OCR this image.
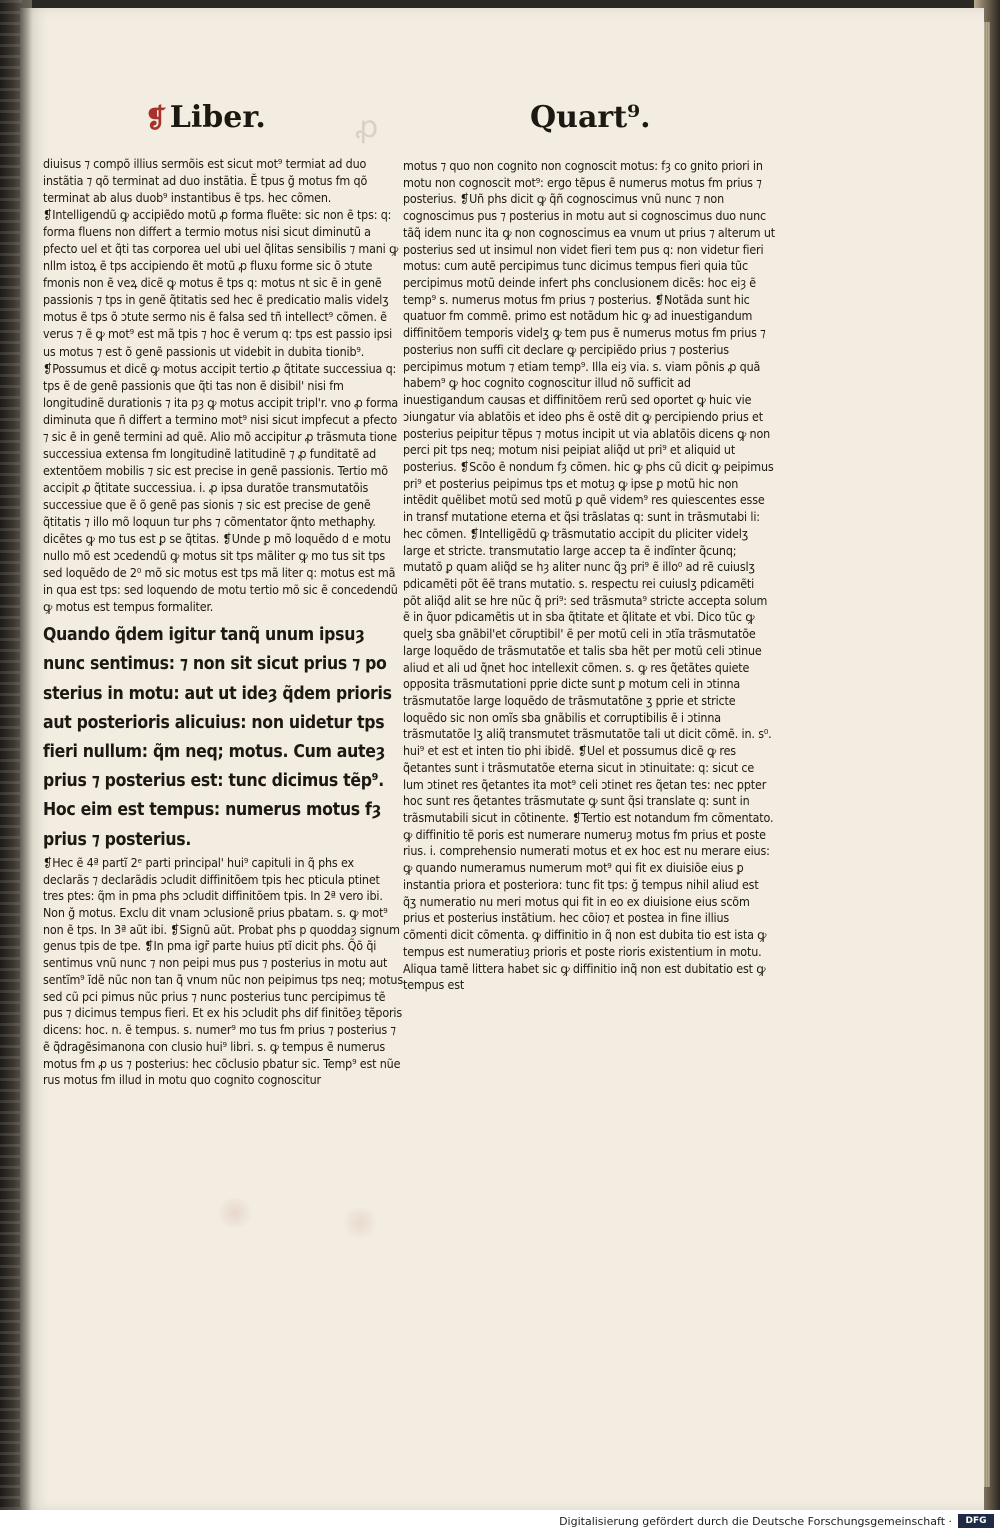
❡ Liber.	ꝓ	Quart⁹.

diuisus ⁊ compõ illius sermõis est sicut mot⁹ termiat ad duo instãtia ⁊ qõ terminat ad duo instãtia. Ĕ tpus ğ motus fm qõ terminat ab alus duob⁹ instantibus ẽ tps. hec cõmen. ❡Intelligendũ ꝙ accipiẽdo motũ ꝓ forma fluẽte: sic non ẽ tps: q: forma fluens non differt a termio motus nisi sicut diminutũ a pfecto uel et q̃ti tas corporea uel ubi uel q̃litas sensibilis ⁊ mani ꝙ nllm istoꝝ ẽ tps accipiendo ẽt motũ ꝓ fluxu forme sic õ ↄtute fmonis non ẽ veꝝ dicẽ ꝙ motus ẽ tps q: motus nt sic ẽ in genẽ passionis ⁊ tps in genẽ q̃titatis sed hec ẽ predicatio malis videlʒ motus ẽ tps õ ↄtute sermo nis ẽ falsa sed tñ intellect⁹ cõmen. ẽ verus ⁊ ẽ ꝙ mot⁹ est mã tpis ⁊ hoc ẽ verum q: tps est passio ipsi us motus ⁊ est õ genẽ passionis ut videbit in dubita tionib⁹. ❡Possumus et dicẽ ꝙ motus accipit tertio ꝓ q̃titate successiua q: tps ẽ de genẽ passionis que q̃ti tas non ẽ disibil' nisi fm longitudinẽ durationis ⁊ ita pȝ ꝙ motus accipit tripl'r. vno ꝓ forma diminuta que ñ differt a termino mot⁹ nisi sicut impfecut a pfecto ⁊ sic ẽ in genẽ termini ad quẽ. Alio mõ accipitur ꝓ trãsmuta tione successiua extensa fm longitudinẽ latitudinẽ ⁊ ꝓ funditatẽ ad extentõem mobilis ⁊ sic est precise in genẽ passionis. Tertio mõ accipit ꝓ q̃titate successiua. i. ꝓ ipsa duratõe transmutatõis successiue que ẽ õ genẽ pas sionis ⁊ sic est precise de genẽ q̃titatis ⁊ illo mõ loquun tur phs ⁊ cõmentator q̃nto methaphy. dicẽtes ꝙ mo tus est ꝑ se q̃titas. ❡Unde ꝑ mõ loquẽdo d e motu nullo mõ est ↄcedendũ ꝙ motus sit tps mãliter ꝙ mo tus sit tps sed loquẽdo de 2⁰ mõ sic motus est tps mã liter q: motus est mã in qua est tps: sed loquendo de motu tertio mõ sic ẽ concedendũ ꝙ motus est tempus formaliter.

Quando q̃dem igitur tanq̃ unum ipsuȝ nunc sentimus: ⁊ non sit sicut prius ⁊ po sterius in motu: aut ut ideȝ q̃dem prioris aut posterioris alicuius: non uidetur tps fieri nullum: q̃m neq; motus. Cum auteȝ prius ⁊ posterius est: tunc dicimus tẽp⁹. Hoc eim est tempus: numerus motus fȝ prius ⁊ posterius.

❡Hec ẽ 4ª partĩ 2ᵉ parti principal' hui⁹ capituli in q̃ phs ex declarãs ⁊ declarãdis ↄcludit diffinitõem tpis hec pticula ptinet tres ptes: q̃m in pma phs ↄcludit diffinitõem tpis. In 2ª vero ibi. Non ğ motus. Exclu dit vnam ↄclusionẽ prius pbatam. s. ꝙ mot⁹ non ẽ tps. In 3ª aũt ibi. ❡Signũ aũt. Probat phs p quoddaȝ signum genus tpis de tpe. ❡In pma igr̃ parte huius ptĩ dicit phs. Q̃õ q̃i sentimus vnũ nunc ⁊ non peipi mus pus ⁊ posterius in motu aut sentĩm⁹ ĩdẽ nũc non tan q̃ vnum nũc non peipimus tps neq; motus sed cũ pci pimus nũc prius ⁊ nunc posterius tunc percipimus tẽ pus ⁊ dicimus tempus fieri. Et ex his ↄcludit phs dif finitõeȝ tẽporis dicens: hoc. n. ẽ tempus. s. numer⁹ mo tus fm prius ⁊ posterius ⁊ ẽ q̃dragẽsimanona con clusio hui⁹ libri. s. ꝙ tempus ẽ numerus motus fm ꝓ us ⁊ posterius: hec cõclusio pbatur sic. Temp⁹ est nũe rus motus fm illud in motu quo cognito cognoscitur

motus ⁊ quo non cognito non cognoscit motus: fȝ co gnito priori in motu non cognoscit mot⁹: ergo tẽpus ẽ numerus motus fm prius ⁊ posterius. ❡Uñ phs dicit ꝙ q̃ñ cognoscimus vnũ nunc ⁊ non cognoscimus pus ⁊ posterius in motu aut si cognoscimus duo nunc tãq̃ idem nunc ita ꝙ non cognoscimus ea vnum ut prius ⁊ alterum ut posterius sed ut insimul non videt fieri tem pus q: non videtur fieri motus: cum autẽ percipimus tunc dicimus tempus fieri quia tũc percipimus motũ deinde infert phs conclusionem dicẽs: hoc eiȝ ẽ temp⁹ s. numerus motus fm prius ⁊ posterius. ❡Notãda sunt hic quatuor fm commẽ. primo est notãdum hic ꝙ ad inuestigandum diffinitõem temporis videlʒ ꝙ tem pus ẽ numerus motus fm prius ⁊ posterius non suffi cit declare ꝙ percipiẽdo prius ⁊ posterius percipimus motum ⁊ etiam temp⁹. Illa eiȝ via. s. viam põnis ꝓ quã habem⁹ ꝙ hoc cognito cognoscitur illud nõ sufficit ad inuestigandum causas et diffinitõem rerũ sed oportet ꝙ huic vie ↄiungatur via ablatõis et ideo phs ẽ ostẽ dit ꝙ percipiendo prius et posterius peipitur tẽpus ⁊ motus incipit ut via ablatõis dicens ꝙ non perci pit tps neq; motum nisi peipiat aliq̃d ut pri⁹ et aliquid ut posterius. ❡Scõo ẽ nondum fȝ cõmen. hic ꝙ phs cũ dicit ꝙ peipimus pri⁹ et posterius peipimus tps et motuȝ ꝙ ipse ꝑ motũ hic non intẽdit quẽlibet motũ sed motũ ꝑ quẽ videm⁹ res quiescentes esse in transf mutatione eterna et q̃si trãslatas q: sunt in trãsmutabi li: hec cõmen. ❡Intelligẽdũ ꝙ trãsmutatio accipit du pliciter videlʒ large et stricte. transmutatio large accep ta ẽ indĩnter q̃cunq; mutatõ ꝑ quam aliq̃d se hȝ aliter nunc q̃ꝫ pri⁹ ẽ illo⁰ ad rẽ cuiuslʒ pdicamẽti põt ẽẽ trans mutatio. s. respectu rei cuiuslʒ pdicamẽti põt aliq̃d alit se hre nũc q̃ pri⁹: sed trãsmuta⁹ stricte accepta solum ẽ in q̃uor pdicamẽtis ut in sba q̃titate et q̃litate et vbi. Dico tũc ꝙ quelʒ sba gnãbil'et cõruptibil' ẽ per motũ celi in ↄtĩa trãsmutatõe large loquẽdo de trãsmutatõe et talis sba hẽt per motũ celi ↄtinue aliud et ali ud q̃net hoc intellexit cõmen. s. ꝙ res q̃etãtes quiete opposita trãsmutationi pprie dicte sunt ꝑ motum celi in ↄtinna trãsmutatõe large loquẽdo de trãsmutatõne ʒ pprie et stricte loquẽdo sic non omĩs sba gnãbilis et corruptibilis ẽ i ↄtinna trãsmutatõe lʒ aliq̃ transmutet trãsmutatõe tali ut dicit cõmẽ. in. s⁰. hui⁹ et est et inten tio phi ibidẽ. ❡Uel et possumus dicẽ ꝙ res q̃etantes sunt i trãsmutatõe eterna sicut in ↄtinuitate: q: sicut ce lum ↄtinet res q̃etantes ita mot⁹ celi ↄtinet res q̃etan tes: nec ppter hoc sunt res q̃etantes trãsmutate ꝙ sunt q̃si translate q: sunt in trãsmutabili sicut in cõtinente. ❡Tertio est notandum fm cõmentato. ꝙ diffinitio tẽ poris est numerare numeruȝ motus fm prius et poste rius. i. comprehensio numerati motus et ex hoc est nu merare eius: ꝙ quando numeramus numerum mot⁹ qui fit ex diuisiõe eius ꝑ instantia priora et posteriora: tunc fit tps: ğ tempus nihil aliud est q̃ʒ numeratio nu meri motus qui fit in eo ex diuisione eius scõm prius et posterius instãtium. hec cõio⁊ et postea in fine illius cõmenti dicit cõmenta. ꝙ diffinitio in q̃ non est dubita tio est ista ꝙ tempus est numeratiuȝ prioris et poste rioris existentium in motu. Aliqua tamẽ littera habet sic ꝙ diffinitio inq̃ non est dubitatio est ꝙ tempus est

Digitalisierung gefördert durch die Deutsche Forschungsgemeinschaft ·	DFG
